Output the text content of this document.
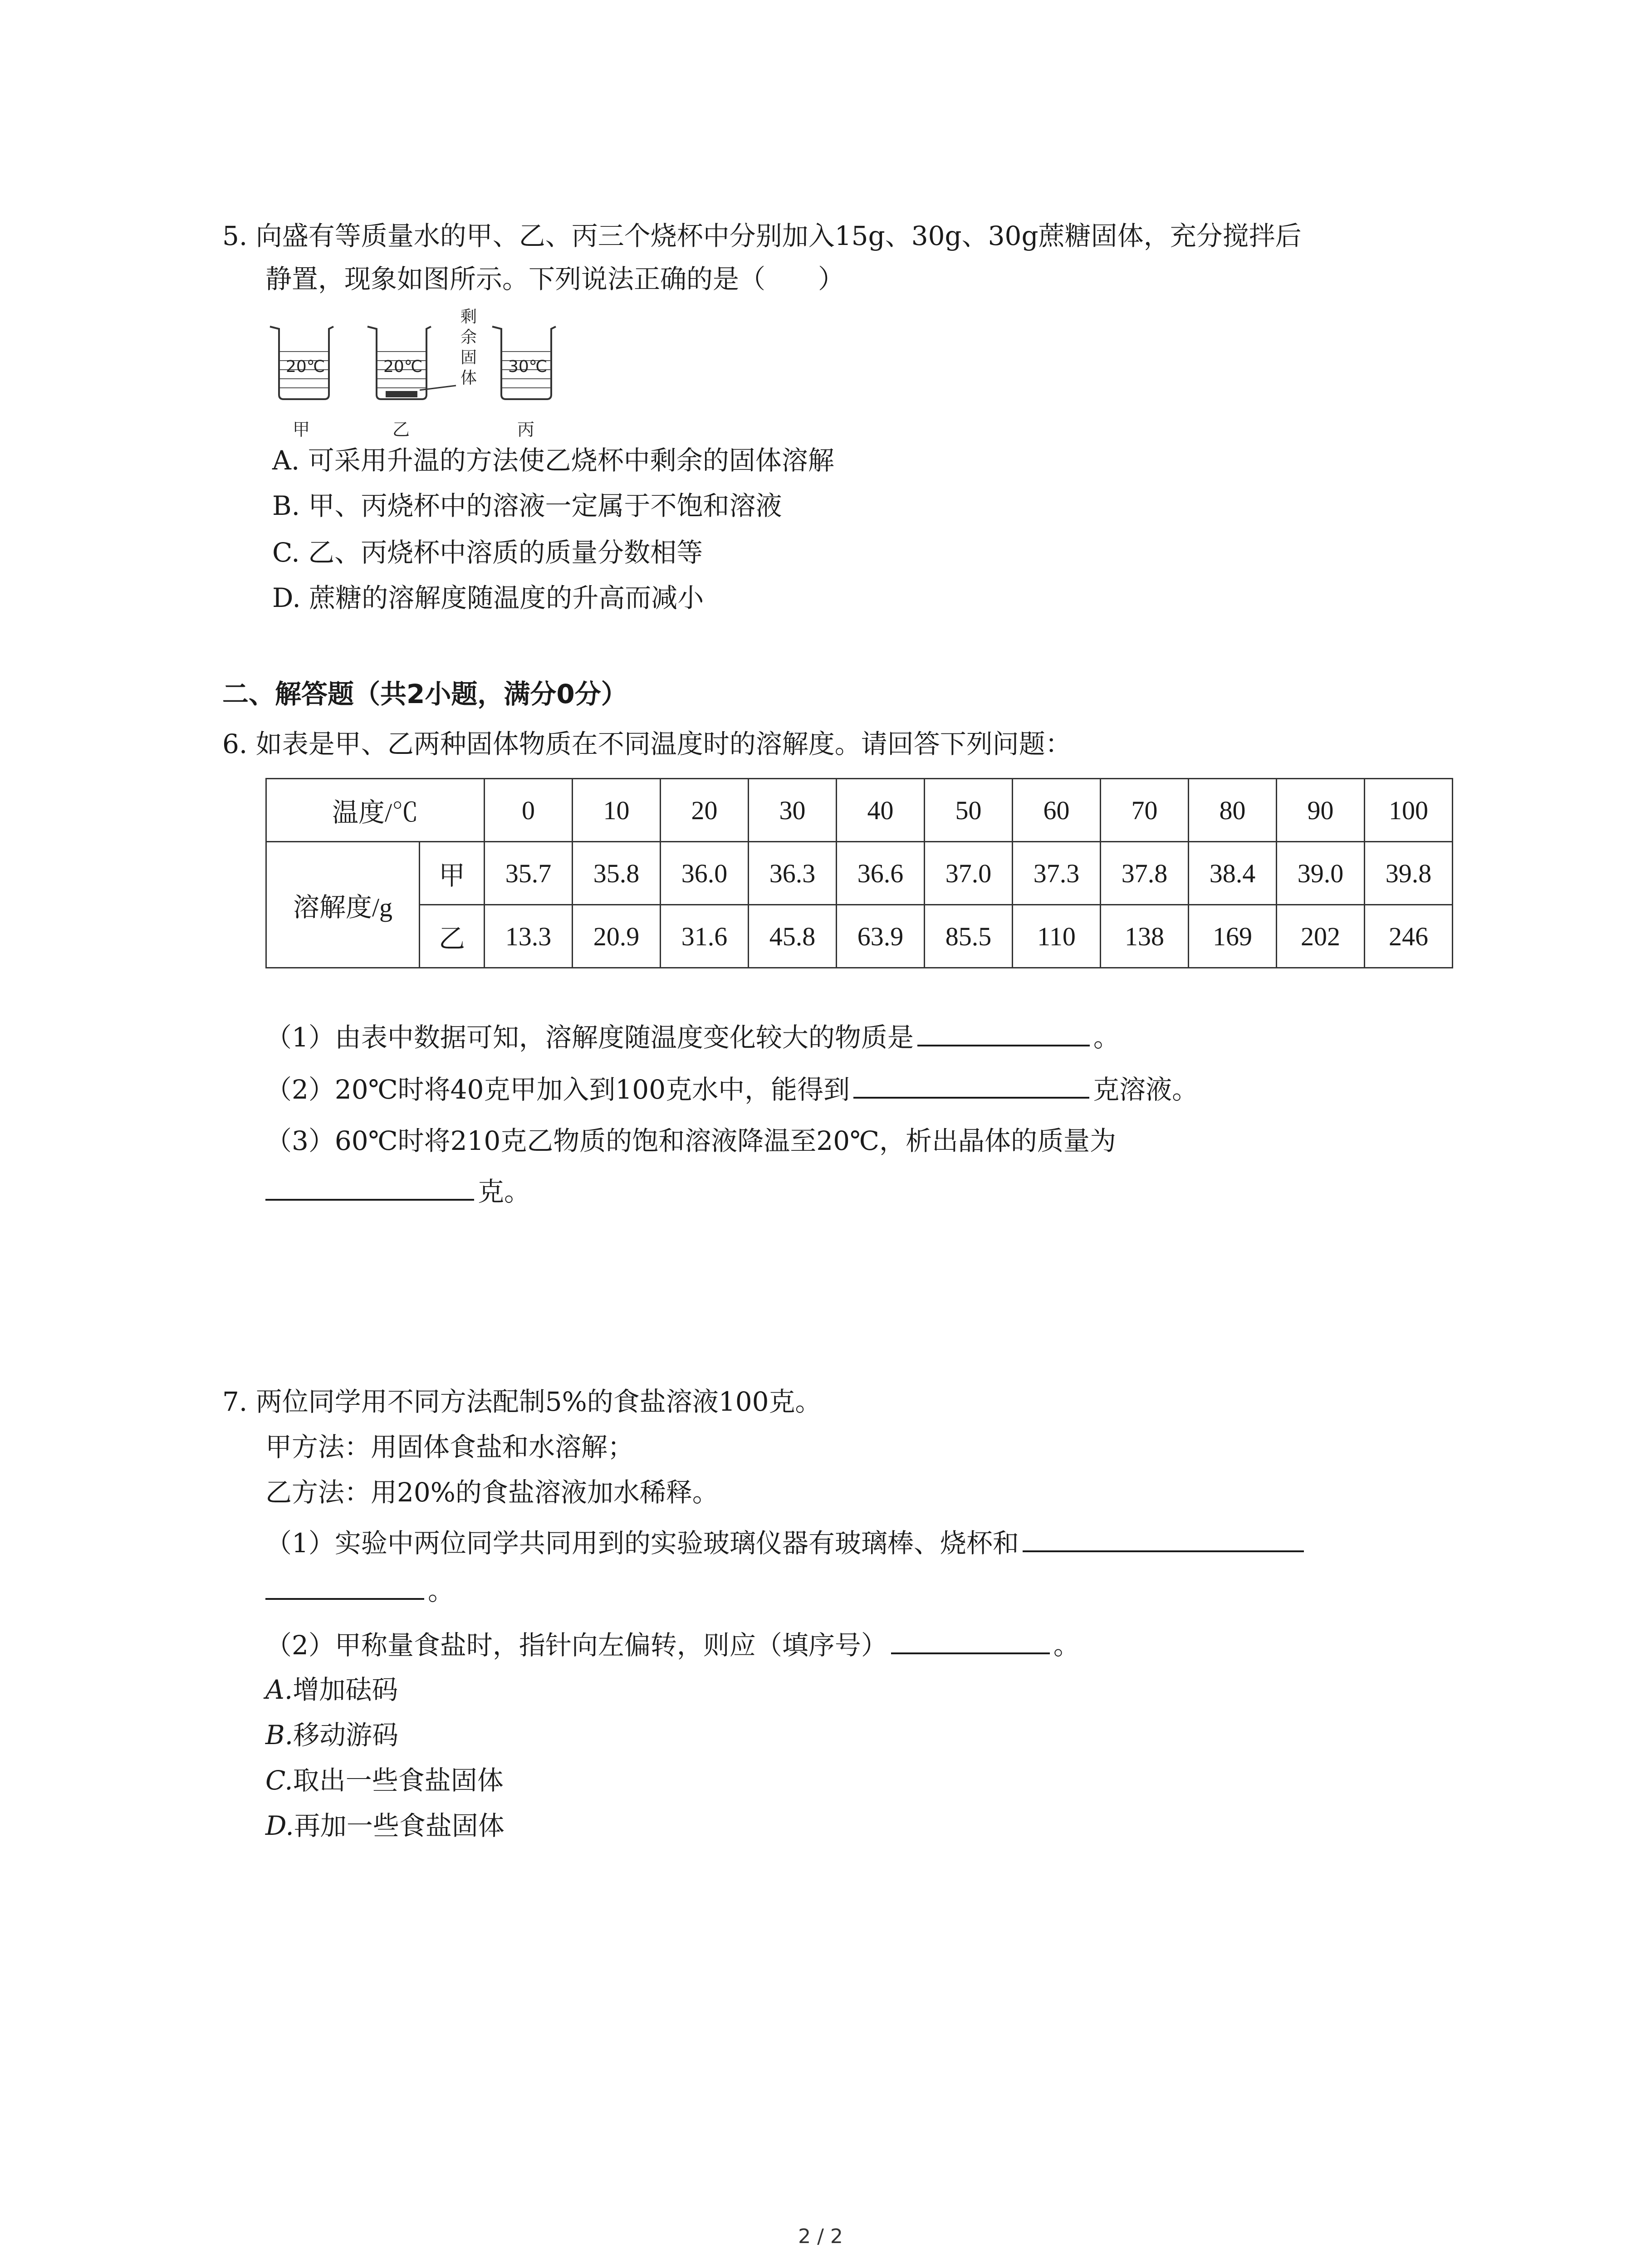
5. 向盛有等质量水的甲、乙、丙三个烧杯中分别加入15g、30g、30g蔗糖固体，充分搅拌后
静置，现象如图所示。下列说法正确的是（　　）
20℃	20℃	30℃
剩
余
固
体
甲	乙	丙
A. 可采用升温的方法使乙烧杯中剩余的固体溶解
B. 甲、丙烧杯中的溶液一定属于不饱和溶液
C. 乙、丙烧杯中溶质的质量分数相等
D. 蔗糖的溶解度随温度的升高而减小
二、解答题（共2小题，满分0分）
6. 如表是甲、乙两种固体物质在不同温度时的溶解度。请回答下列问题：
温度/℃		0	10	20	30	40	50	60	70	80	90	100
溶解度/g	甲	35.7	35.8	36.0	36.3	36.6	37.0	37.3	37.8	38.4	39.0	39.8
	乙	13.3	20.9	31.6	45.8	63.9	85.5	110	138	169	202	246
（1）由表中数据可知，溶解度随温度变化较大的物质是	。
（2）20℃时将40克甲加入到100克水中，能得到	克溶液。
（3）60℃时将210克乙物质的饱和溶液降温至20℃，析出晶体的质量为
克。
7. 两位同学用不同方法配制5%的食盐溶液100克。
甲方法：用固体食盐和水溶解；
乙方法：用20%的食盐溶液加水稀释。
（1）实验中两位同学共同用到的实验玻璃仪器有玻璃棒、烧杯和
。
（2）甲称量食盐时，指针向左偏转，则应（填序号）	。
A.增加砝码
B.移动游码
C.取出一些食盐固体
D.再加一些食盐固体
2 / 2
